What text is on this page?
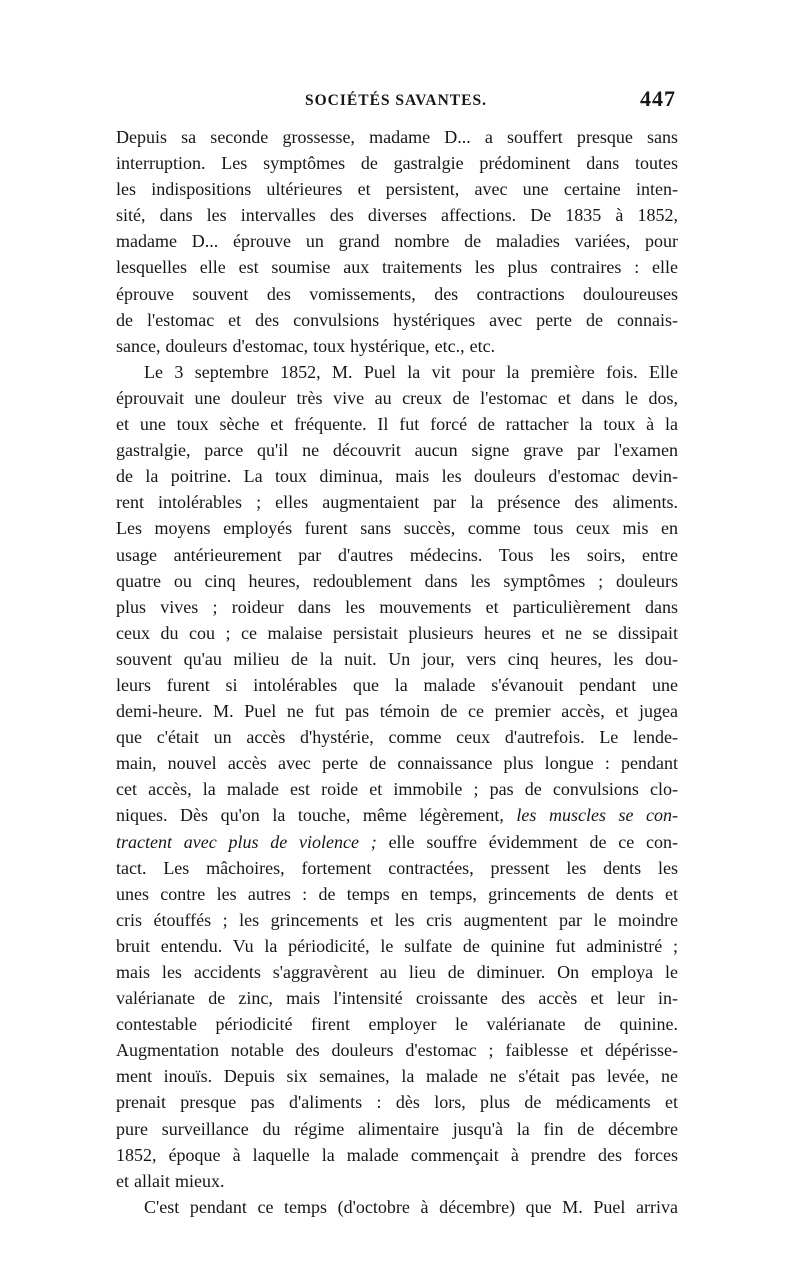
SOCIÉTÉS SAVANTES.	447
Depuis sa seconde grossesse, madame D... a souffert presque sans
interruption. Les symptômes de gastralgie prédominent dans toutes
les indispositions ultérieures et persistent, avec une certaine inten-
sité, dans les intervalles des diverses affections. De 1835 à 1852,
madame D... éprouve un grand nombre de maladies variées, pour
lesquelles elle est soumise aux traitements les plus contraires : elle
éprouve souvent des vomissements, des contractions douloureuses
de l'estomac et des convulsions hystériques avec perte de connais-
sance, douleurs d'estomac, toux hystérique, etc., etc.
Le 3 septembre 1852, M. Puel la vit pour la première fois. Elle
éprouvait une douleur très vive au creux de l'estomac et dans le dos,
et une toux sèche et fréquente. Il fut forcé de rattacher la toux à la
gastralgie, parce qu'il ne découvrit aucun signe grave par l'examen
de la poitrine. La toux diminua, mais les douleurs d'estomac devin-
rent intolérables ; elles augmentaient par la présence des aliments.
Les moyens employés furent sans succès, comme tous ceux mis en
usage antérieurement par d'autres médecins. Tous les soirs, entre
quatre ou cinq heures, redoublement dans les symptômes ; douleurs
plus vives ; roideur dans les mouvements et particulièrement dans
ceux du cou ; ce malaise persistait plusieurs heures et ne se dissipait
souvent qu'au milieu de la nuit. Un jour, vers cinq heures, les dou-
leurs furent si intolérables que la malade s'évanouit pendant une
demi-heure. M. Puel ne fut pas témoin de ce premier accès, et jugea
que c'était un accès d'hystérie, comme ceux d'autrefois. Le lende-
main, nouvel accès avec perte de connaissance plus longue : pendant
cet accès, la malade est roide et immobile ; pas de convulsions clo-
niques. Dès qu'on la touche, même légèrement, les muscles se con-
tractent avec plus de violence ; elle souffre évidemment de ce con-
tact. Les mâchoires, fortement contractées, pressent les dents les
unes contre les autres : de temps en temps, grincements de dents et
cris étouffés ; les grincements et les cris augmentent par le moindre
bruit entendu. Vu la périodicité, le sulfate de quinine fut administré ;
mais les accidents s'aggravèrent au lieu de diminuer. On employa le
valérianate de zinc, mais l'intensité croissante des accès et leur in-
contestable périodicité firent employer le valérianate de quinine.
Augmentation notable des douleurs d'estomac ; faiblesse et dépérisse-
ment inouïs. Depuis six semaines, la malade ne s'était pas levée, ne
prenait presque pas d'aliments : dès lors, plus de médicaments et
pure surveillance du régime alimentaire jusqu'à la fin de décembre
1852, époque à laquelle la malade commençait à prendre des forces
et allait mieux.
C'est pendant ce temps (d'octobre à décembre) que M. Puel arriva
